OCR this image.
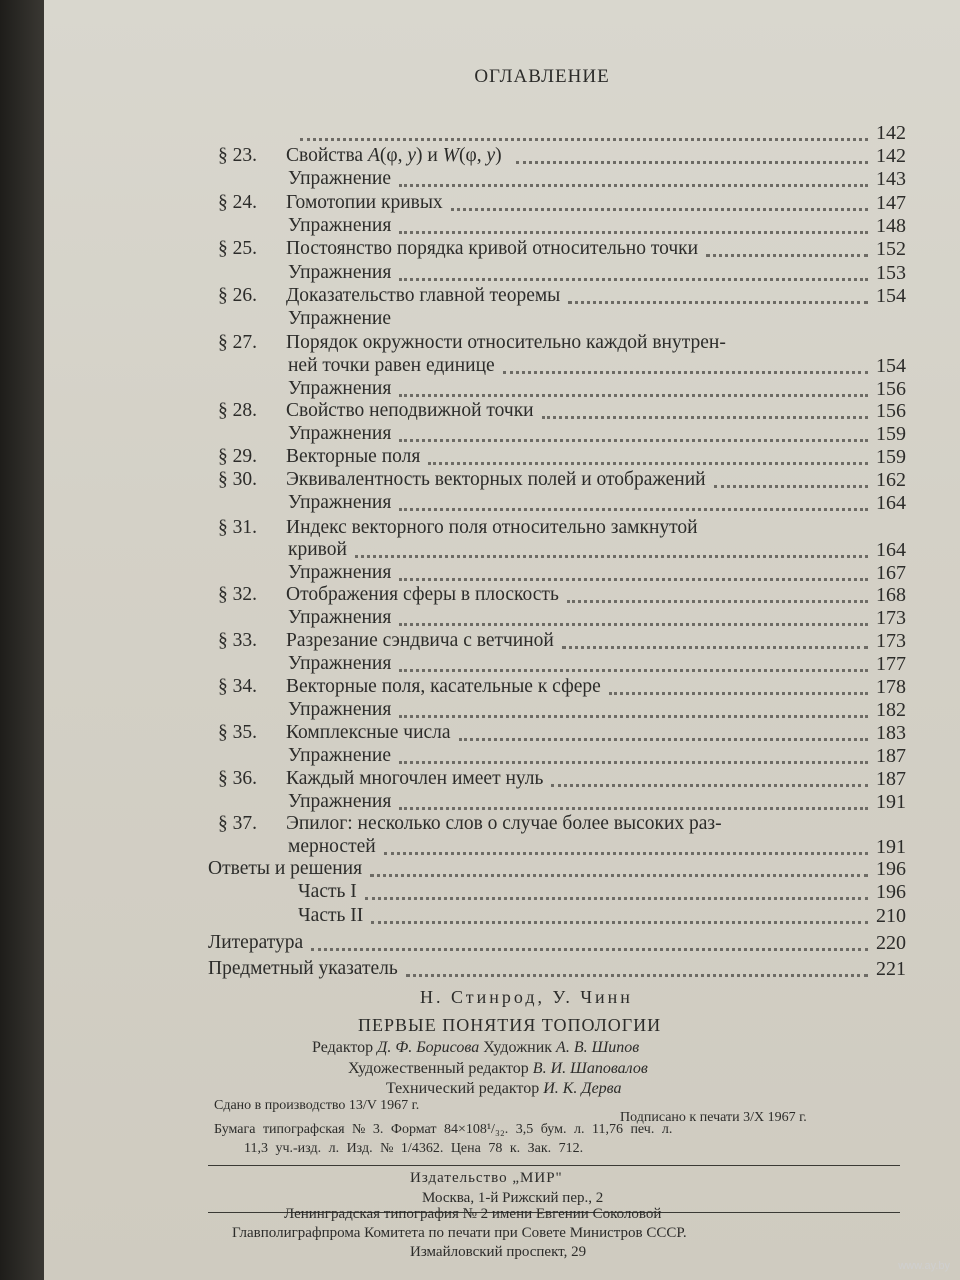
ОГЛАВЛЕНИЕ
142
§ 23. Свойства A(φ, y) и W(φ, y)	142
Упражнение	143
§ 24. Гомотопии кривых	147
Упражнения	148
§ 25. Постоянство порядка кривой относительно точки	152
Упражнения	153
§ 26. Доказательство главной теоремы	154
Упражнение
§ 27. Порядок окружности относительно каждой внутрен-
ней точки равен единице	154
Упражнения	156
§ 28. Свойство неподвижной точки	156
Упражнения	159
§ 29. Векторные поля	159
§ 30. Эквивалентность векторных полей и отображений	162
Упражнения	164
§ 31. Индекс векторного поля относительно замкнутой
кривой	164
Упражнения	167
§ 32. Отображения сферы в плоскость	168
Упражнения	173
§ 33. Разрезание сэндвича с ветчиной	173
Упражнения	177
§ 34. Векторные поля, касательные к сфере	178
Упражнения	182
§ 35. Комплексные числа	183
Упражнение	187
§ 36. Каждый многочлен имеет нуль	187
Упражнения	191
§ 37. Эпилог: несколько слов о случае более высоких раз-
мерностей	191
Ответы и решения	196
Часть I	196
Часть II	210
Литература	220
Предметный указатель	221
Н. Стинрод, У. Чинн
ПЕРВЫЕ ПОНЯТИЯ ТОПОЛОГИИ
Редактор Д. Ф. Борисова Художник А. В. Шипов
Художественный редактор В. И. Шаповалов
Технический редактор И. К. Дерва
Сдано в производство 13/V 1967 г.
Подписано к печати 3/X 1967 г.
Бумага типографская № 3. Формат 84×108¹/₃₂. 3,5 бум. л. 11,76 печ. л.
11,3 уч.-изд. л. Изд. № 1/4362. Цена 78 к. Зак. 712.
Издательство „МИР"
Москва, 1-й Рижский пер., 2
Ленинградская типография № 2 имени Евгении Соколовой
Главполиграфпрома Комитета по печати при Совете Министров СССР.
Измайловский проспект, 29
www.ay.by
